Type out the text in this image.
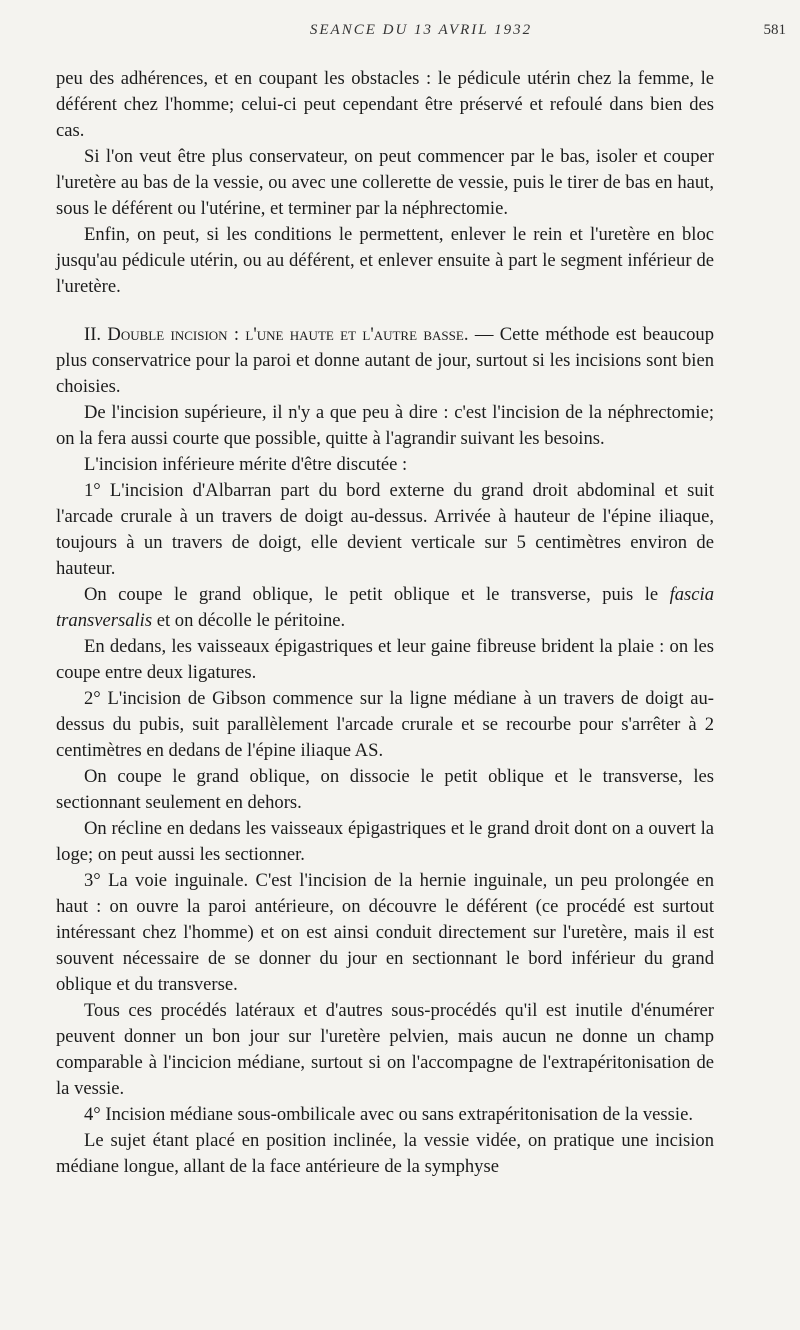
SEANCE DU 13 AVRIL 1932	581

peu des adhérences, et en coupant les obstacles : le pédicule utérin chez la femme, le déférent chez l'homme; celui-ci peut cependant être préservé et refoulé dans bien des cas.

Si l'on veut être plus conservateur, on peut commencer par le bas, isoler et couper l'uretère au bas de la vessie, ou avec une collerette de vessie, puis le tirer de bas en haut, sous le déférent ou l'utérine, et terminer par la néphrectomie.

Enfin, on peut, si les conditions le permettent, enlever le rein et l'uretère en bloc jusqu'au pédicule utérin, ou au déférent, et enlever ensuite à part le segment inférieur de l'uretère.

II. Double incision : l'une haute et l'autre basse. — Cette méthode est beaucoup plus conservatrice pour la paroi et donne autant de jour, surtout si les incisions sont bien choisies.

De l'incision supérieure, il n'y a que peu à dire : c'est l'incision de la néphrectomie; on la fera aussi courte que possible, quitte à l'agrandir suivant les besoins.

L'incision inférieure mérite d'être discutée :

1° L'incision d'Albarran part du bord externe du grand droit abdominal et suit l'arcade crurale à un travers de doigt au-dessus. Arrivée à hauteur de l'épine iliaque, toujours à un travers de doigt, elle devient verticale sur 5 centimètres environ de hauteur.

On coupe le grand oblique, le petit oblique et le transverse, puis le fascia transversalis et on décolle le péritoine.

En dedans, les vaisseaux épigastriques et leur gaine fibreuse brident la plaie : on les coupe entre deux ligatures.

2° L'incision de Gibson commence sur la ligne médiane à un travers de doigt au-dessus du pubis, suit parallèlement l'arcade crurale et se recourbe pour s'arrêter à 2 centimètres en dedans de l'épine iliaque AS.

On coupe le grand oblique, on dissocie le petit oblique et le transverse, les sectionnant seulement en dehors.

On récline en dedans les vaisseaux épigastriques et le grand droit dont on a ouvert la loge; on peut aussi les sectionner.

3° La voie inguinale. C'est l'incision de la hernie inguinale, un peu prolongée en haut : on ouvre la paroi antérieure, on découvre le déférent (ce procédé est surtout intéressant chez l'homme) et on est ainsi conduit directement sur l'uretère, mais il est souvent nécessaire de se donner du jour en sectionnant le bord inférieur du grand oblique et du transverse.

Tous ces procédés latéraux et d'autres sous-procédés qu'il est inutile d'énumérer peuvent donner un bon jour sur l'uretère pelvien, mais aucun ne donne un champ comparable à l'incicion médiane, surtout si on l'accompagne de l'extrapéritonisation de la vessie.

4° Incision médiane sous-ombilicale avec ou sans extrapéritonisation de la vessie.

Le sujet étant placé en position inclinée, la vessie vidée, on pratique une incision médiane longue, allant de la face antérieure de la symphyse
